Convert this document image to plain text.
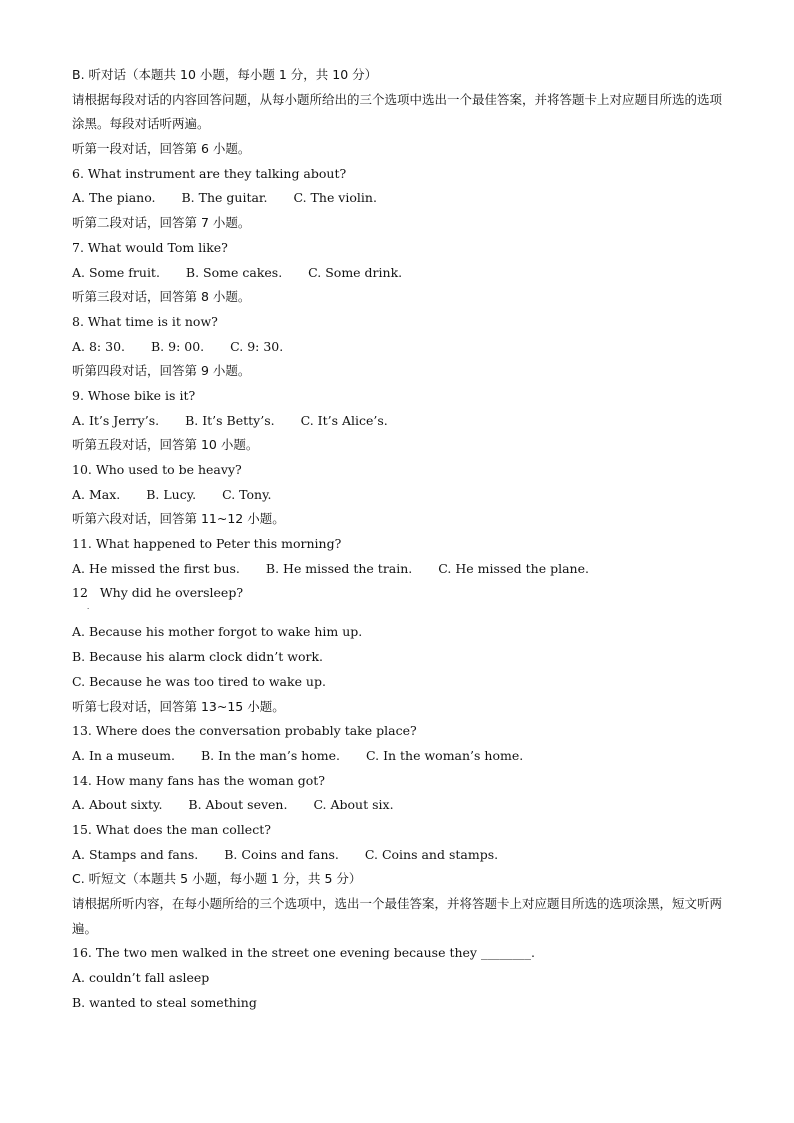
B. 听对话（本题共 10 小题，每小题 1 分，共 10 分）
请根据每段对话的内容回答问题，从每小题所给出的三个选项中选出一个最佳答案，并将答题卡上对应题目所选的选项涂黑。每段对话听两遍。
听第一段对话，回答第 6 小题。
6. What instrument are they talking about?
A. The piano. B. The guitar. C. The violin.
听第二段对话，回答第 7 小题。
7. What would Tom like?
A. Some fruit. B. Some cakes. C. Some drink.
听第三段对话，回答第 8 小题。
8. What time is it now?
A. 8: 30. B. 9: 00. C. 9: 30.
听第四段对话，回答第 9 小题。
9. Whose bike is it?
A. It’s Jerry’s. B. It’s Betty’s. C. It’s Alice’s.
听第五段对话，回答第 10 小题。
10. Who used to be heavy?
A. Max. B. Lucy. C. Tony.
听第六段对话，回答第 11~12 小题。
11. What happened to Peter this morning?
A. He missed the first bus. B. He missed the train. C. He missed the plane.
12   Why did he oversleep?
.
A. Because his mother forgot to wake him up.
B. Because his alarm clock didn’t work.
C. Because he was too tired to wake up.
听第七段对话，回答第 13~15 小题。
13. Where does the conversation probably take place?
A. In a museum. B. In the man’s home. C. In the woman’s home.
14. How many fans has the woman got?
A. About sixty. B. About seven. C. About six.
15. What does the man collect?
A. Stamps and fans. B. Coins and fans. C. Coins and stamps.
C. 听短文（本题共 5 小题，每小题 1 分，共 5 分）
请根据所听内容，在每小题所给的三个选项中，选出一个最佳答案，并将答题卡上对应题目所选的选项涂黑，短文听两遍。
16. The two men walked in the street one evening because they ________.
A. couldn’t fall asleep
B. wanted to steal something
